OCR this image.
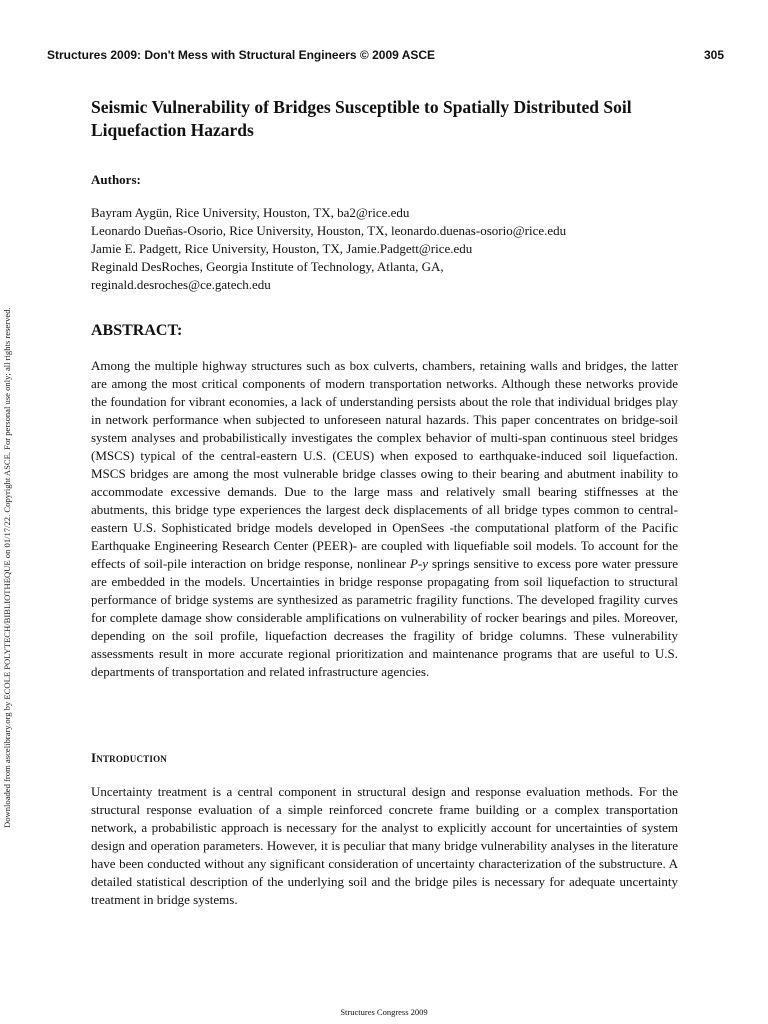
Structures 2009: Don't Mess with Structural Engineers © 2009 ASCE	305
Downloaded from ascelibrary.org by ECOLE POLYTECH/BIBLIOTHEQUE on 01/17/22. Copyright ASCE. For personal use only; all rights reserved.
Seismic Vulnerability of Bridges Susceptible to Spatially Distributed Soil Liquefaction Hazards
Authors:
Bayram Aygün, Rice University, Houston, TX, ba2@rice.edu
Leonardo Dueñas-Osorio, Rice University, Houston, TX, leonardo.duenas-osorio@rice.edu
Jamie E. Padgett, Rice University, Houston, TX, Jamie.Padgett@rice.edu
Reginald DesRoches, Georgia Institute of Technology, Atlanta, GA,
reginald.desroches@ce.gatech.edu
ABSTRACT:
Among the multiple highway structures such as box culverts, chambers, retaining walls and bridges, the latter are among the most critical components of modern transportation networks. Although these networks provide the foundation for vibrant economies, a lack of understanding persists about the role that individual bridges play in network performance when subjected to unforeseen natural hazards. This paper concentrates on bridge-soil system analyses and probabilistically investigates the complex behavior of multi-span continuous steel bridges (MSCS) typical of the central-eastern U.S. (CEUS) when exposed to earthquake-induced soil liquefaction. MSCS bridges are among the most vulnerable bridge classes owing to their bearing and abutment inability to accommodate excessive demands. Due to the large mass and relatively small bearing stiffnesses at the abutments, this bridge type experiences the largest deck displacements of all bridge types common to central-eastern U.S. Sophisticated bridge models developed in OpenSees -the computational platform of the Pacific Earthquake Engineering Research Center (PEER)- are coupled with liquefiable soil models. To account for the effects of soil-pile interaction on bridge response, nonlinear P-y springs sensitive to excess pore water pressure are embedded in the models. Uncertainties in bridge response propagating from soil liquefaction to structural performance of bridge systems are synthesized as parametric fragility functions. The developed fragility curves for complete damage show considerable amplifications on vulnerability of rocker bearings and piles. Moreover, depending on the soil profile, liquefaction decreases the fragility of bridge columns. These vulnerability assessments result in more accurate regional prioritization and maintenance programs that are useful to U.S. departments of transportation and related infrastructure agencies.
Introduction
Uncertainty treatment is a central component in structural design and response evaluation methods. For the structural response evaluation of a simple reinforced concrete frame building or a complex transportation network, a probabilistic approach is necessary for the analyst to explicitly account for uncertainties of system design and operation parameters. However, it is peculiar that many bridge vulnerability analyses in the literature have been conducted without any significant consideration of uncertainty characterization of the substructure. A detailed statistical description of the underlying soil and the bridge piles is necessary for adequate uncertainty treatment in bridge systems.
Structures Congress 2009
